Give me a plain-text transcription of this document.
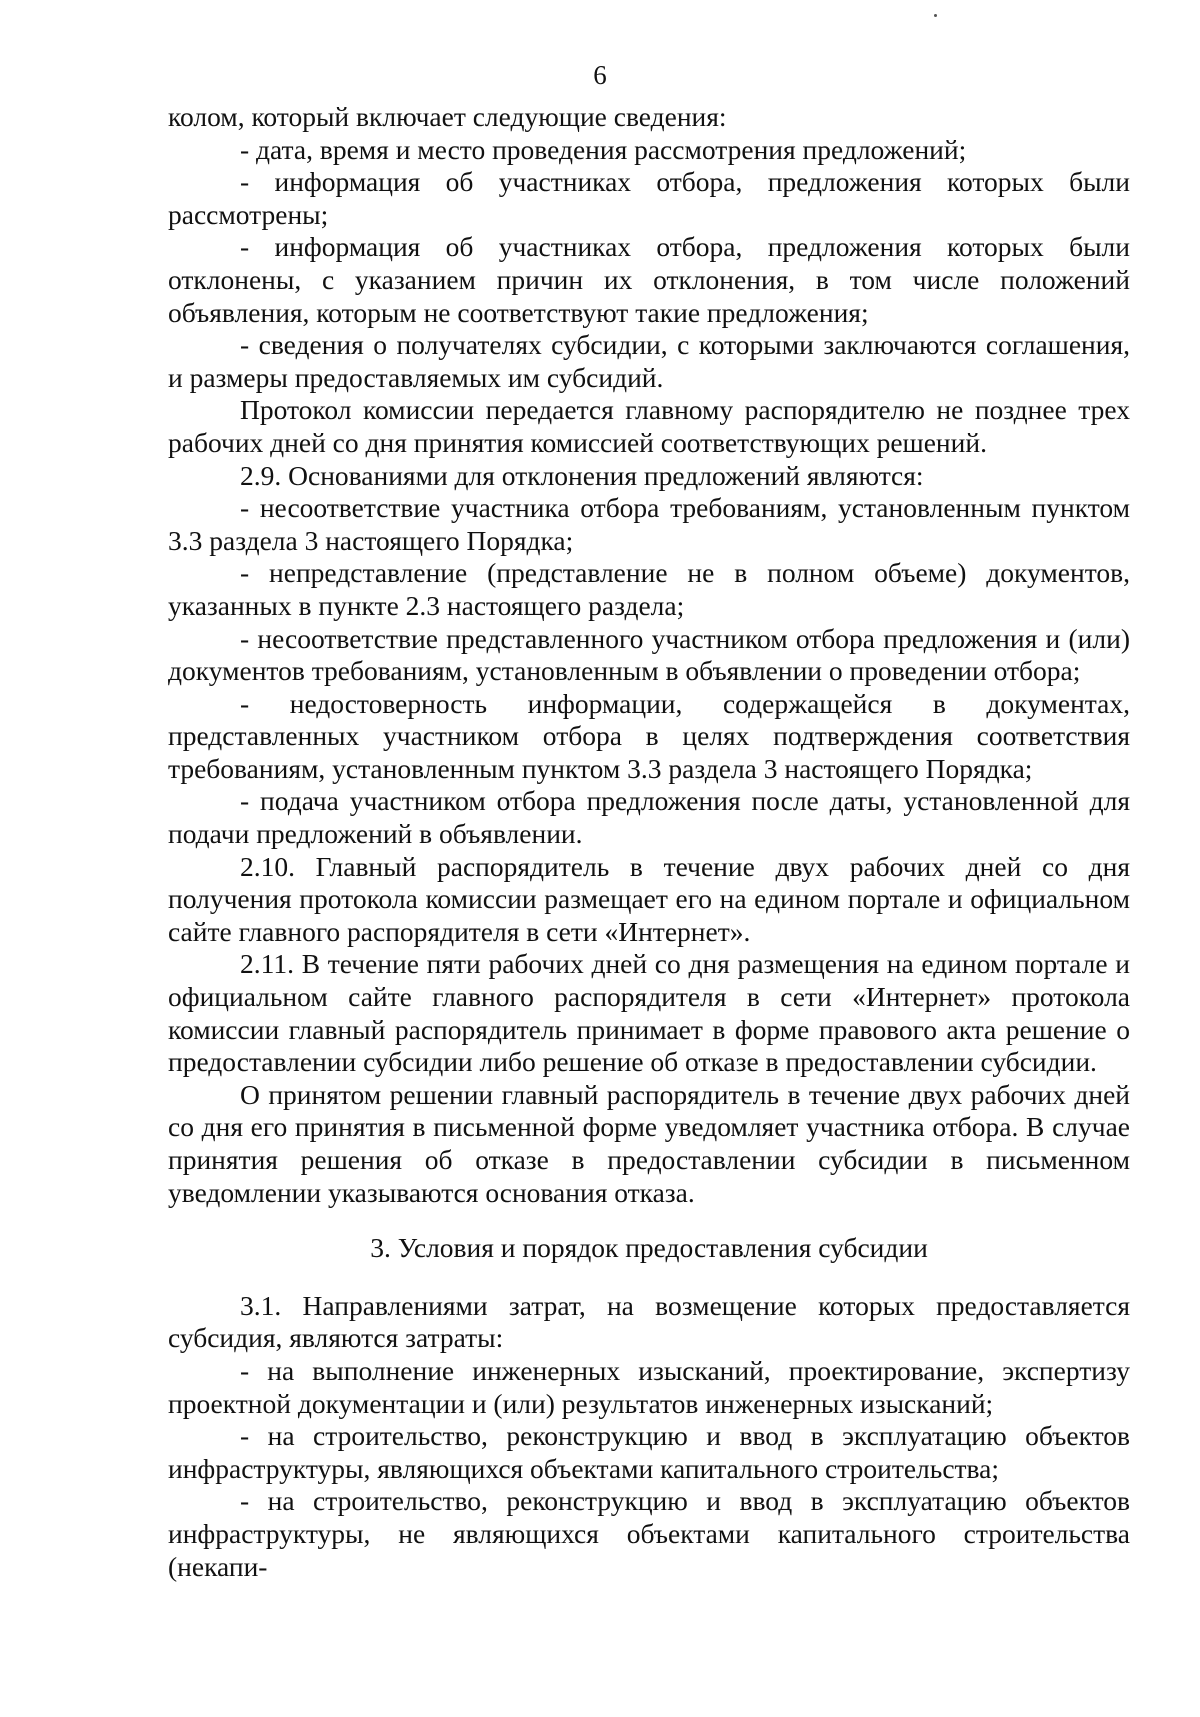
6

колом, который включает следующие сведения:

- дата, время и место проведения рассмотрения предложений;

- информация об участниках отбора, предложения которых были рассмотрены;

- информация об участниках отбора, предложения которых были отклонены, с указанием причин их отклонения, в том числе положений объявления, которым не соответствуют такие предложения;

- сведения о получателях субсидии, с которыми заключаются соглашения, и размеры предоставляемых им субсидий.

Протокол комиссии передается главному распорядителю не позднее трех рабочих дней со дня принятия комиссией соответствующих решений.

2.9. Основаниями для отклонения предложений являются:

- несоответствие участника отбора требованиям, установленным пунктом 3.3 раздела 3 настоящего Порядка;

- непредставление (представление не в полном объеме) документов, указанных в пункте 2.3 настоящего раздела;

- несоответствие представленного участником отбора предложения и (или) документов требованиям, установленным в объявлении о проведении отбора;

- недостоверность информации, содержащейся в документах, представленных участником отбора в целях подтверждения соответствия требованиям, установленным пунктом 3.3 раздела 3 настоящего Порядка;

- подача участником отбора предложения после даты, установленной для подачи предложений в объявлении.

2.10. Главный распорядитель в течение двух рабочих дней со дня получения протокола комиссии размещает его на едином портале и официальном сайте главного распорядителя в сети «Интернет».

2.11. В течение пяти рабочих дней со дня размещения на едином портале и официальном сайте главного распорядителя в сети «Интернет» протокола комиссии главный распорядитель принимает в форме правового акта решение о предоставлении субсидии либо решение об отказе в предоставлении субсидии.

О принятом решении главный распорядитель в течение двух рабочих дней со дня его принятия в письменной форме уведомляет участника отбора. В случае принятия решения об отказе в предоставлении субсидии в письменном уведомлении указываются основания отказа.

3. Условия и порядок предоставления субсидии

3.1. Направлениями затрат, на возмещение которых предоставляется субсидия, являются затраты:

- на выполнение инженерных изысканий, проектирование, экспертизу проектной документации и (или) результатов инженерных изысканий;

- на строительство, реконструкцию и ввод в эксплуатацию объектов инфраструктуры, являющихся объектами капитального строительства;

- на строительство, реконструкцию и ввод в эксплуатацию объектов инфраструктуры, не являющихся объектами капитального строительства (некапи-
